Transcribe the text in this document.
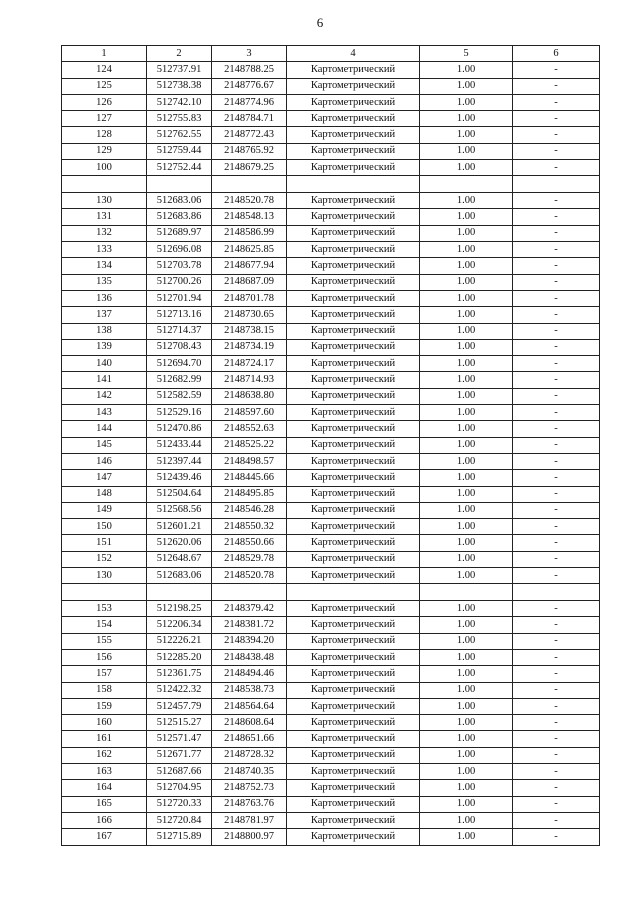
6
1	2	3	4	5	6
124	512737.91	2148788.25	Картометрический	1.00	-
125	512738.38	2148776.67	Картометрический	1.00	-
126	512742.10	2148774.96	Картометрический	1.00	-
127	512755.83	2148784.71	Картометрический	1.00	-
128	512762.55	2148772.43	Картометрический	1.00	-
129	512759.44	2148765.92	Картометрический	1.00	-
100	512752.44	2148679.25	Картометрический	1.00	-

130	512683.06	2148520.78	Картометрический	1.00	-
131	512683.86	2148548.13	Картометрический	1.00	-
132	512689.97	2148586.99	Картометрический	1.00	-
133	512696.08	2148625.85	Картометрический	1.00	-
134	512703.78	2148677.94	Картометрический	1.00	-
135	512700.26	2148687.09	Картометрический	1.00	-
136	512701.94	2148701.78	Картометрический	1.00	-
137	512713.16	2148730.65	Картометрический	1.00	-
138	512714.37	2148738.15	Картометрический	1.00	-
139	512708.43	2148734.19	Картометрический	1.00	-
140	512694.70	2148724.17	Картометрический	1.00	-
141	512682.99	2148714.93	Картометрический	1.00	-
142	512582.59	2148638.80	Картометрический	1.00	-
143	512529.16	2148597.60	Картометрический	1.00	-
144	512470.86	2148552.63	Картометрический	1.00	-
145	512433.44	2148525.22	Картометрический	1.00	-
146	512397.44	2148498.57	Картометрический	1.00	-
147	512439.46	2148445.66	Картометрический	1.00	-
148	512504.64	2148495.85	Картометрический	1.00	-
149	512568.56	2148546.28	Картометрический	1.00	-
150	512601.21	2148550.32	Картометрический	1.00	-
151	512620.06	2148550.66	Картометрический	1.00	-
152	512648.67	2148529.78	Картометрический	1.00	-
130	512683.06	2148520.78	Картометрический	1.00	-

153	512198.25	2148379.42	Картометрический	1.00	-
154	512206.34	2148381.72	Картометрический	1.00	-
155	512226.21	2148394.20	Картометрический	1.00	-
156	512285.20	2148438.48	Картометрический	1.00	-
157	512361.75	2148494.46	Картометрический	1.00	-
158	512422.32	2148538.73	Картометрический	1.00	-
159	512457.79	2148564.64	Картометрический	1.00	-
160	512515.27	2148608.64	Картометрический	1.00	-
161	512571.47	2148651.66	Картометрический	1.00	-
162	512671.77	2148728.32	Картометрический	1.00	-
163	512687.66	2148740.35	Картометрический	1.00	-
164	512704.95	2148752.73	Картометрический	1.00	-
165	512720.33	2148763.76	Картометрический	1.00	-
166	512720.84	2148781.97	Картометрический	1.00	-
167	512715.89	2148800.97	Картометрический	1.00	-
